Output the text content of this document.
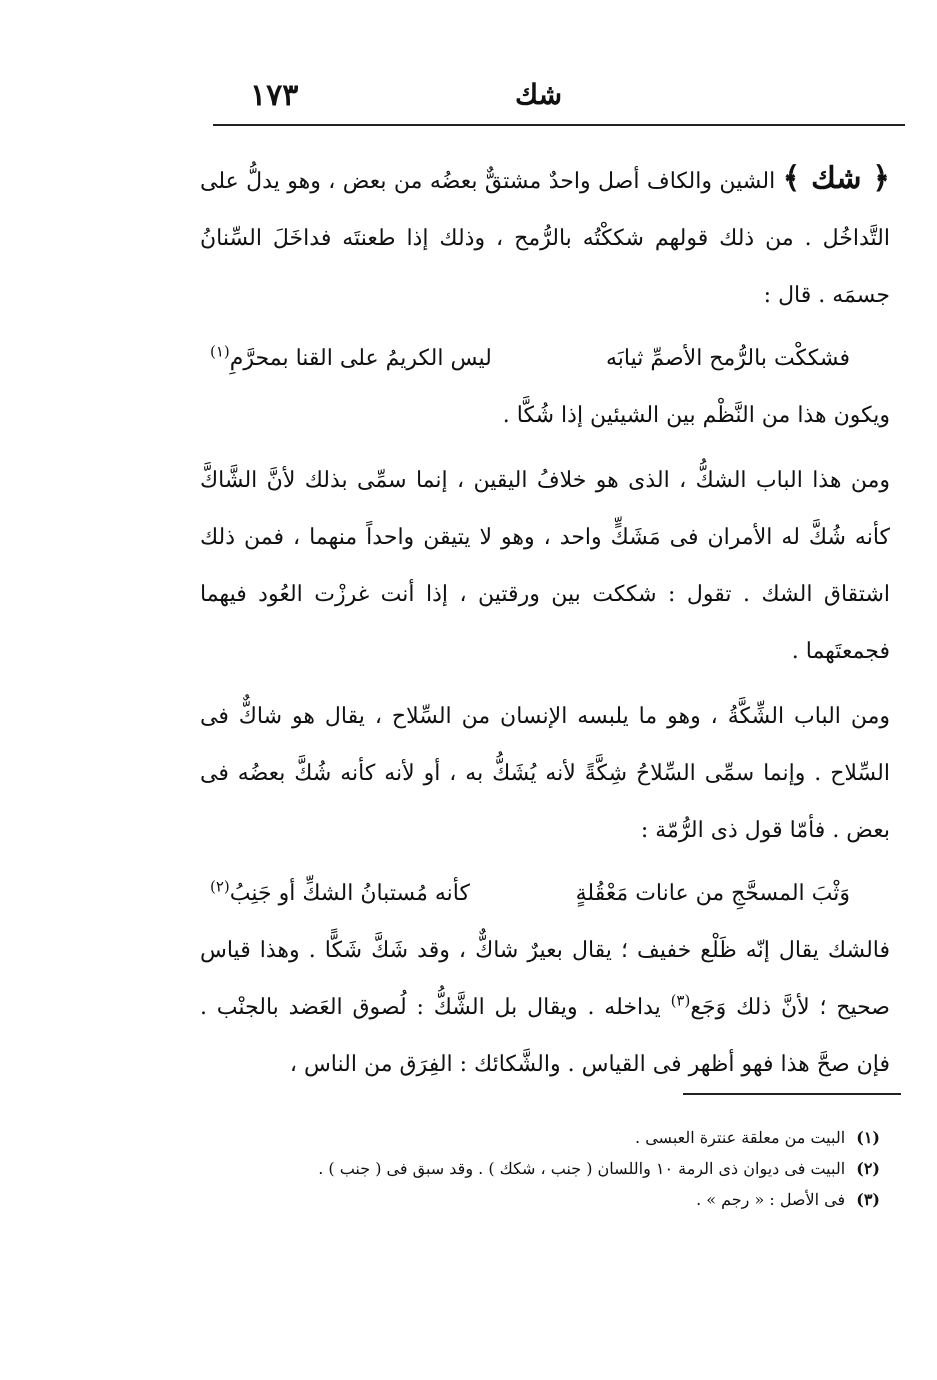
١٧٣	شك

﴿ شك ﴾ الشين والكاف أصل واحدٌ مشتقٌّ بعضُه من بعض ، وهو يدلُّ على التَّداخُل . من ذلك قولهم شككْتُه بالرُّمح ، وذلك إذا طعنتَه فداخَلَ السِّنانُ جسمَه . قال :

فشككْت بالرُّمح الأصمِّ ثيابَه
ليس الكريمُ على القنا بمحرَّمِ$^{(١)}$

ويكون هذا من النَّظْم بين الشيئين إذا شُكَّا .

ومن هذا الباب الشكُّ ، الذى هو خلافُ اليقين ، إنما سمِّى بذلك لأنَّ الشَّاكَّ كأنه شُكَّ له الأمران فى مَشَكٍّ واحد ، وهو لا يتيقن واحداً منهما ، فمن ذلك اشتقاق الشك . تقول : شككت بين ورقتين ، إذا أنت غرزْت العُود فيهما فجمعتَهما .

ومن الباب الشِّكَّةُ ، وهو ما يلبسه الإنسان من السِّلاح ، يقال هو شاكٌّ فى السِّلاح . وإنما سمِّى السِّلاحُ شِكَّةً لأنه يُشَكُّ به ، أو لأنه كأنه شُكَّ بعضُه فى بعض . فأمّا قول ذى الرُّمّة :

وَثْبَ المسحَّجِ من عانات مَعْقُلةٍ
كأنه مُستبانُ الشكِّ أو جَنِبُ$^{(٢)}$

فالشك يقال إنّه ظَلْع خفيف ؛ يقال بعيرٌ شاكٌّ ، وقد شَكَّ شَكًّا . وهذا قياس صحيح ؛ لأنَّ ذلك وَجَع$^{(٣)}$ يداخله . ويقال بل الشَّكُّ : لُصوق العَضد بالجنْب . فإن صحَّ هذا فهو أظهر فى القياس . والشَّكائك : الفِرَق من الناس ،

(١) البيت من معلقة عنترة العبسى .

(٢) البيت فى ديوان ذى الرمة ١٠ واللسان ( جنب ، شكك ) . وقد سبق فى ( جنب ) .

(٣) فى الأصل : « رجم » .
